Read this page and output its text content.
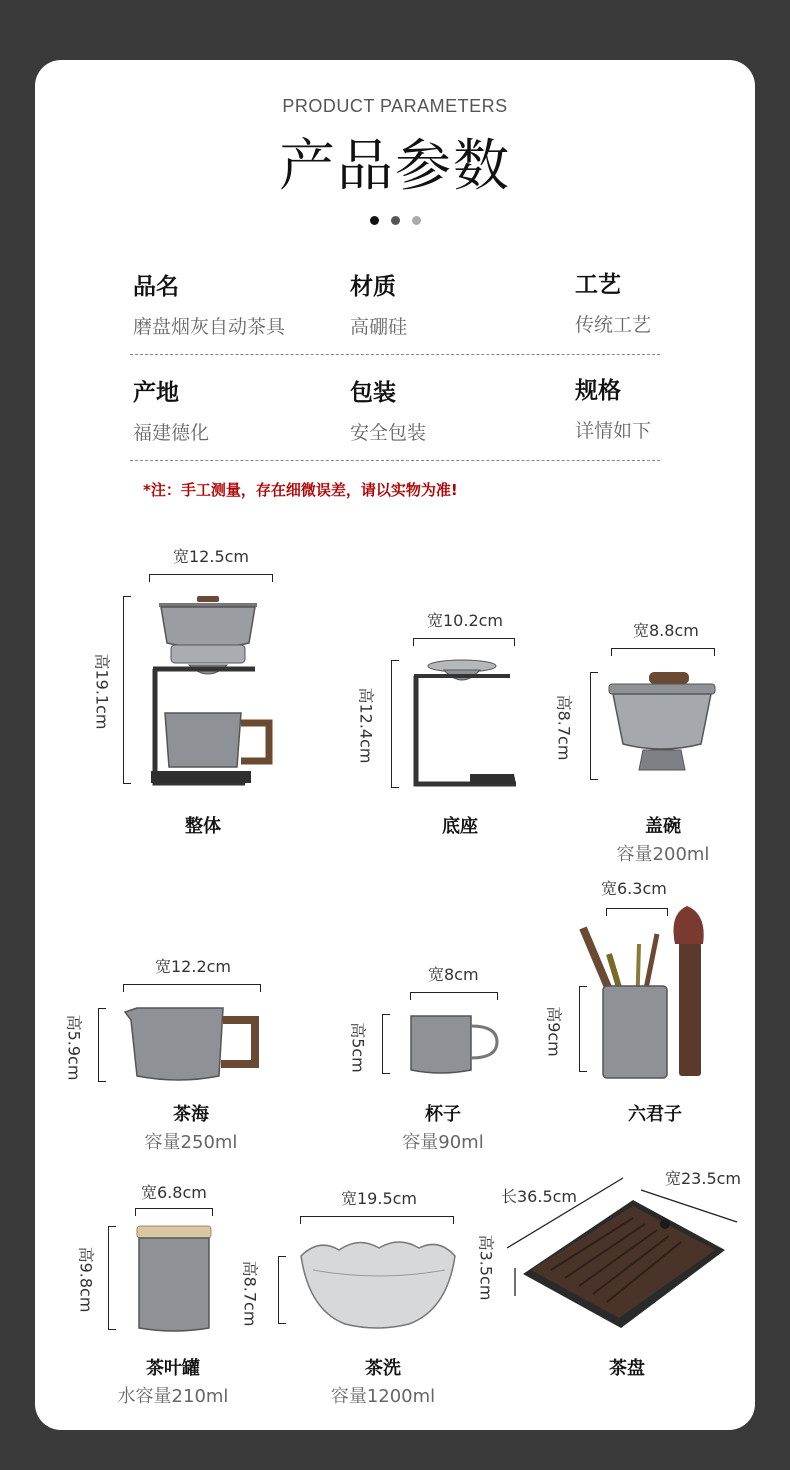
PRODUCT PARAMETERS
产品参数
品名
磨盘烟灰自动茶具
材质
高硼硅
工艺
传统工艺
产地
福建德化
包装
安全包装
规格
详情如下
*注：手工测量，存在细微误差，请以实物为准!
宽12.5cm
高19.1cm
整体
宽10.2cm
高12.4cm
底座
宽8.8cm
高8.7cm
盖碗
容量200ml
宽12.2cm
高5.9cm
茶海
容量250ml
宽8cm
高5cm
杯子
容量90ml
宽6.3cm
高9cm
六君子
宽6.8cm
高9.8cm
茶叶罐
水容量210ml
宽19.5cm
高8.7cm
茶洗
容量1200ml
长36.5cm
宽23.5cm
高3.5cm
茶盘
